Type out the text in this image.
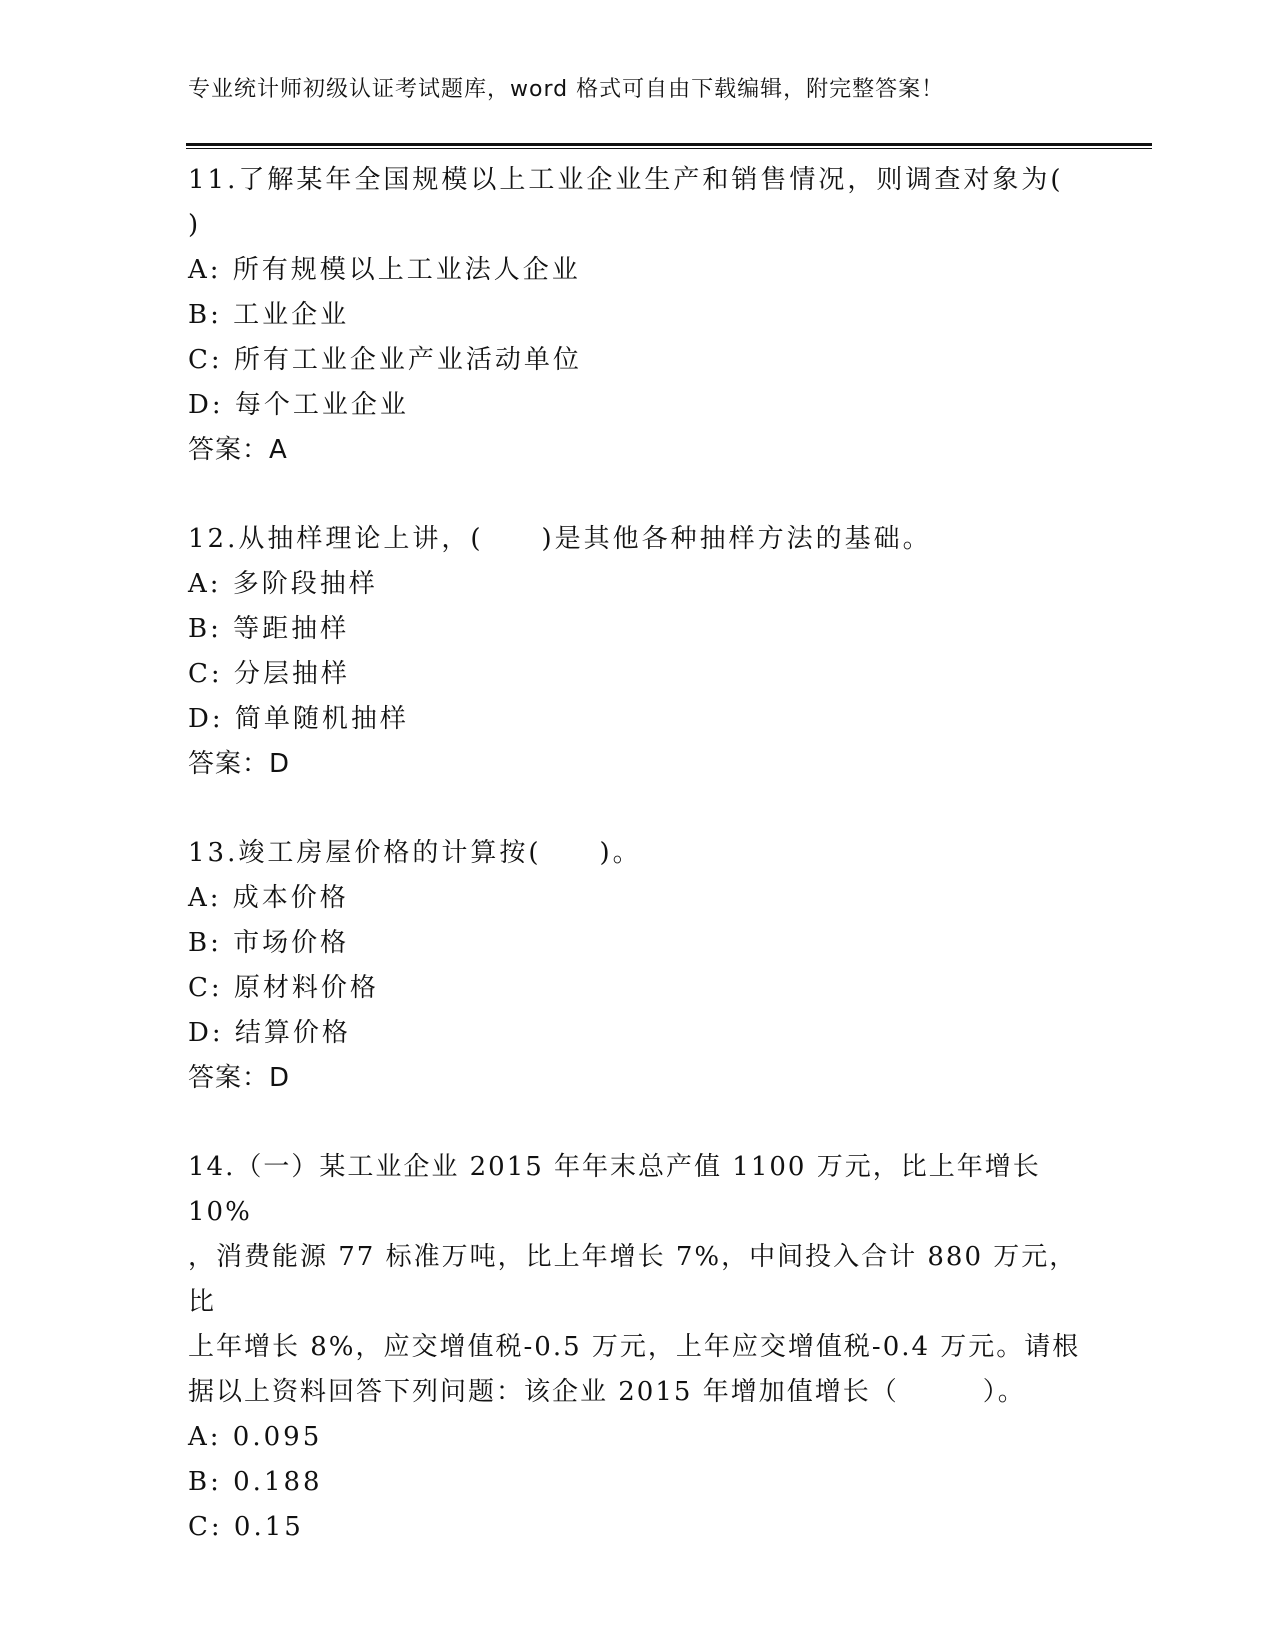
专业统计师初级认证考试题库，word 格式可自由下载编辑，附完整答案！
11.了解某年全国规模以上工业企业生产和销售情况，则调查对象为(
)
A: 所有规模以上工业法人企业
B: 工业企业
C: 所有工业企业产业活动单位
D: 每个工业企业
答案：A
12.从抽样理论上讲，(　　)是其他各种抽样方法的基础。
A: 多阶段抽样
B: 等距抽样
C: 分层抽样
D: 简单随机抽样
答案：D
13.竣工房屋价格的计算按(　　)。
A: 成本价格
B: 市场价格
C: 原材料价格
D: 结算价格
答案：D
14.（一）某工业企业 2015 年年末总产值 1100 万元，比上年增长 10%
，消费能源 77 标准万吨，比上年增长 7%，中间投入合计 880 万元，比
上年增长 8%，应交增值税-0.5 万元，上年应交增值税-0.4 万元。请根
据以上资料回答下列问题：该企业 2015 年增加值增长（　　　）。
A: 0.095
B: 0.188
C: 0.15
